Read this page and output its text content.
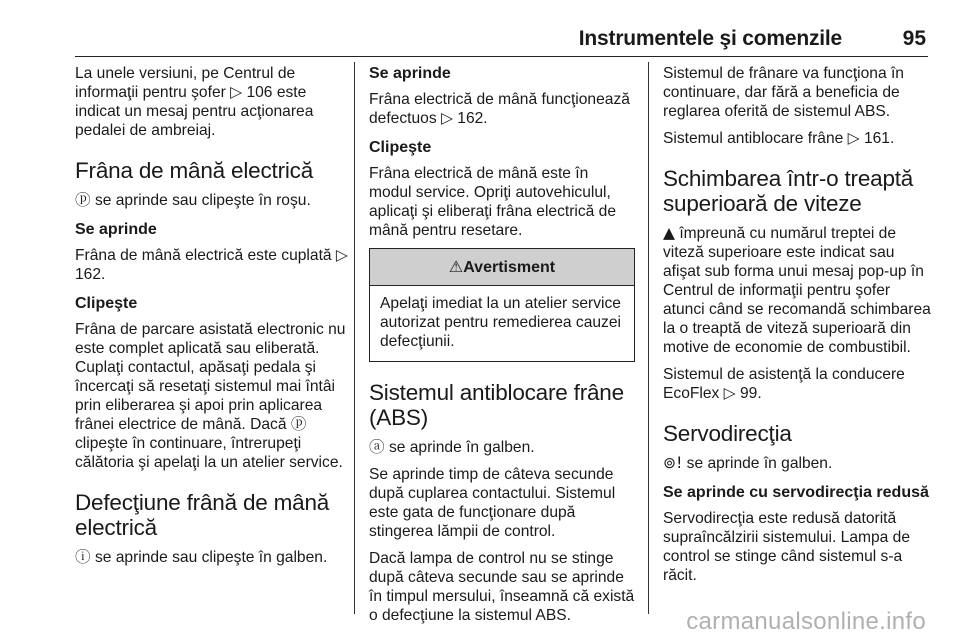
Instrumentele şi comenzile	95

La unele versiuni, pe Centrul de informaţii pentru şofer ▷ 106 este indicat un mesaj pentru acţionarea pedalei de ambreiaj.

Frâna de mână electrică

ⓟ se aprinde sau clipeşte în roşu.

Se aprinde

Frâna de mână electrică este cuplată ▷ 162.

Clipeşte

Frâna de parcare asistată electronic nu este complet aplicată sau eliberată. Cuplaţi contactul, apăsaţi pedala şi încercaţi să resetaţi sistemul mai întâi prin eliberarea şi apoi prin aplicarea frânei electrice de mână. Dacă ⓟ clipeşte în continuare, întrerupeţi călătoria şi apelaţi la un atelier service.

Defecţiune frână de mână electrică

ⓘ se aprinde sau clipeşte în galben.

Se aprinde

Frâna electrică de mână funcţionează defectuos ▷ 162.

Clipeşte

Frâna electrică de mână este în modul service. Opriţi autovehiculul, aplicaţi şi eliberaţi frâna electrică de mână pentru resetare.

⚠Avertisment
Apelaţi imediat la un atelier service autorizat pentru remedierea cauzei defecţiunii.
Sistemul antiblocare frâne (ABS)

ⓐ se aprinde în galben.

Se aprinde timp de câteva secunde după cuplarea contactului. Sistemul este gata de funcţionare după stingerea lămpii de control.

Dacă lampa de control nu se stinge după câteva secunde sau se aprinde în timpul mersului, înseamnă că există o defecţiune la sistemul ABS.

Sistemul de frânare va funcţiona în continuare, dar fără a beneficia de reglarea oferită de sistemul ABS.

Sistemul antiblocare frâne ▷ 161.

Schimbarea într-o treaptă superioară de viteze

▲ împreună cu numărul treptei de viteză superioare este indicat sau afişat sub forma unui mesaj pop-up în Centrul de informaţii pentru şofer atunci când se recomandă schimbarea la o treaptă de viteză superioară din motive de economie de combustibil.

Sistemul de asistenţă la conducere EcoFlex ▷ 99.

Servodirecţia

⊚! se aprinde în galben.

Se aprinde cu servodirecţia redusă

Servodirecţia este redusă datorită supraîncălzirii sistemului. Lampa de control se stinge când sistemul s-a răcit.

carmanualsonline.info
